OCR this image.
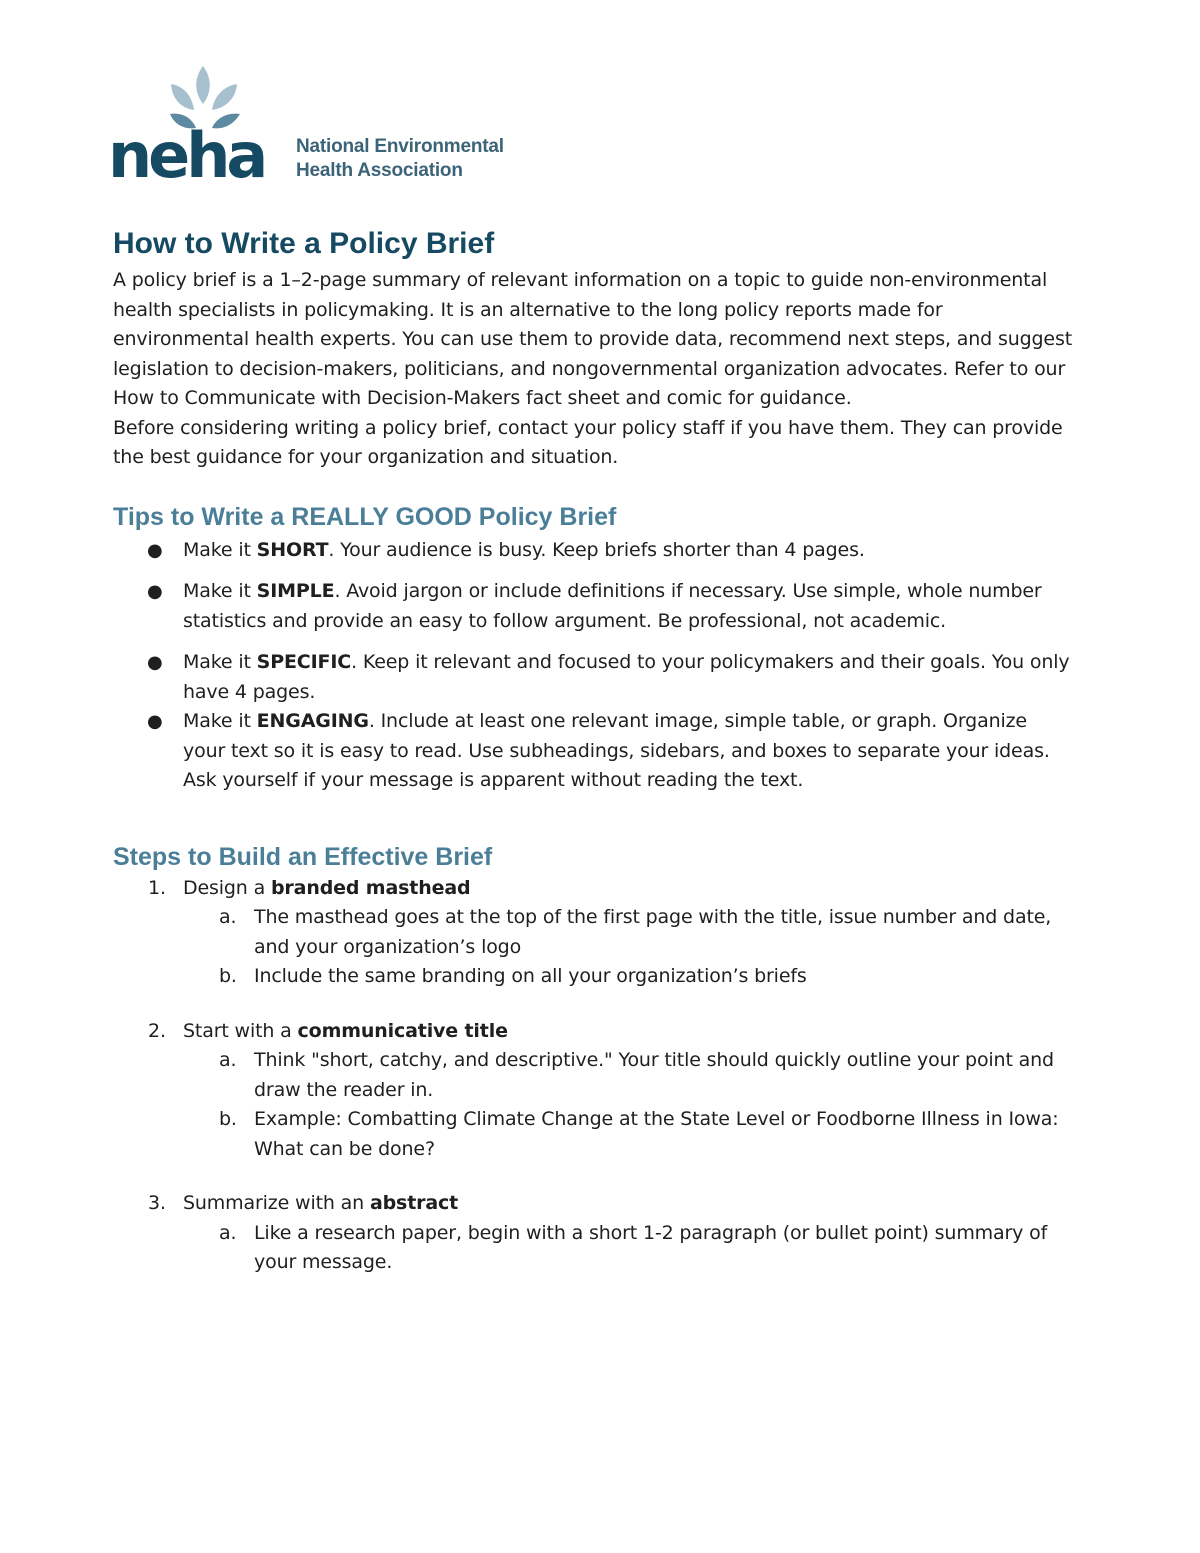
neha National Environmental
Health Association
How to Write a Policy Brief

A policy brief is a 1–2-page summary of relevant information on a topic to guide non-environmental health specialists in policymaking. It is an alternative to the long policy reports made for environmental health experts. You can use them to provide data, recommend next steps, and suggest legislation to decision-makers, politicians, and nongovernmental organization advocates. Refer to our How to Communicate with Decision-Makers fact sheet and comic for guidance.

Before considering writing a policy brief, contact your policy staff if you have them. They can provide the best guidance for your organization and situation.

Tips to Write a REALLY GOOD Policy Brief
● Make it SHORT. Your audience is busy. Keep briefs shorter than 4 pages.
● Make it SIMPLE. Avoid jargon or include definitions if necessary. Use simple, whole number statistics and provide an easy to follow argument. Be professional, not academic.
● Make it SPECIFIC. Keep it relevant and focused to your policymakers and their goals. You only have 4 pages.
● Make it ENGAGING. Include at least one relevant image, simple table, or graph. Organize your text so it is easy to read. Use subheadings, sidebars, and boxes to separate your ideas. Ask yourself if your message is apparent without reading the text.
Steps to Build an Effective Brief
1. Design a branded masthead
a. The masthead goes at the top of the first page with the title, issue number and date, and your organization’s logo
b. Include the same branding on all your organization’s briefs
2. Start with a communicative title
a. Think "short, catchy, and descriptive." Your title should quickly outline your point and draw the reader in.
b. Example: Combatting Climate Change at the State Level or Foodborne Illness in Iowa: What can be done?
3. Summarize with an abstract
a. Like a research paper, begin with a short 1-2 paragraph (or bullet point) summary of your message.
